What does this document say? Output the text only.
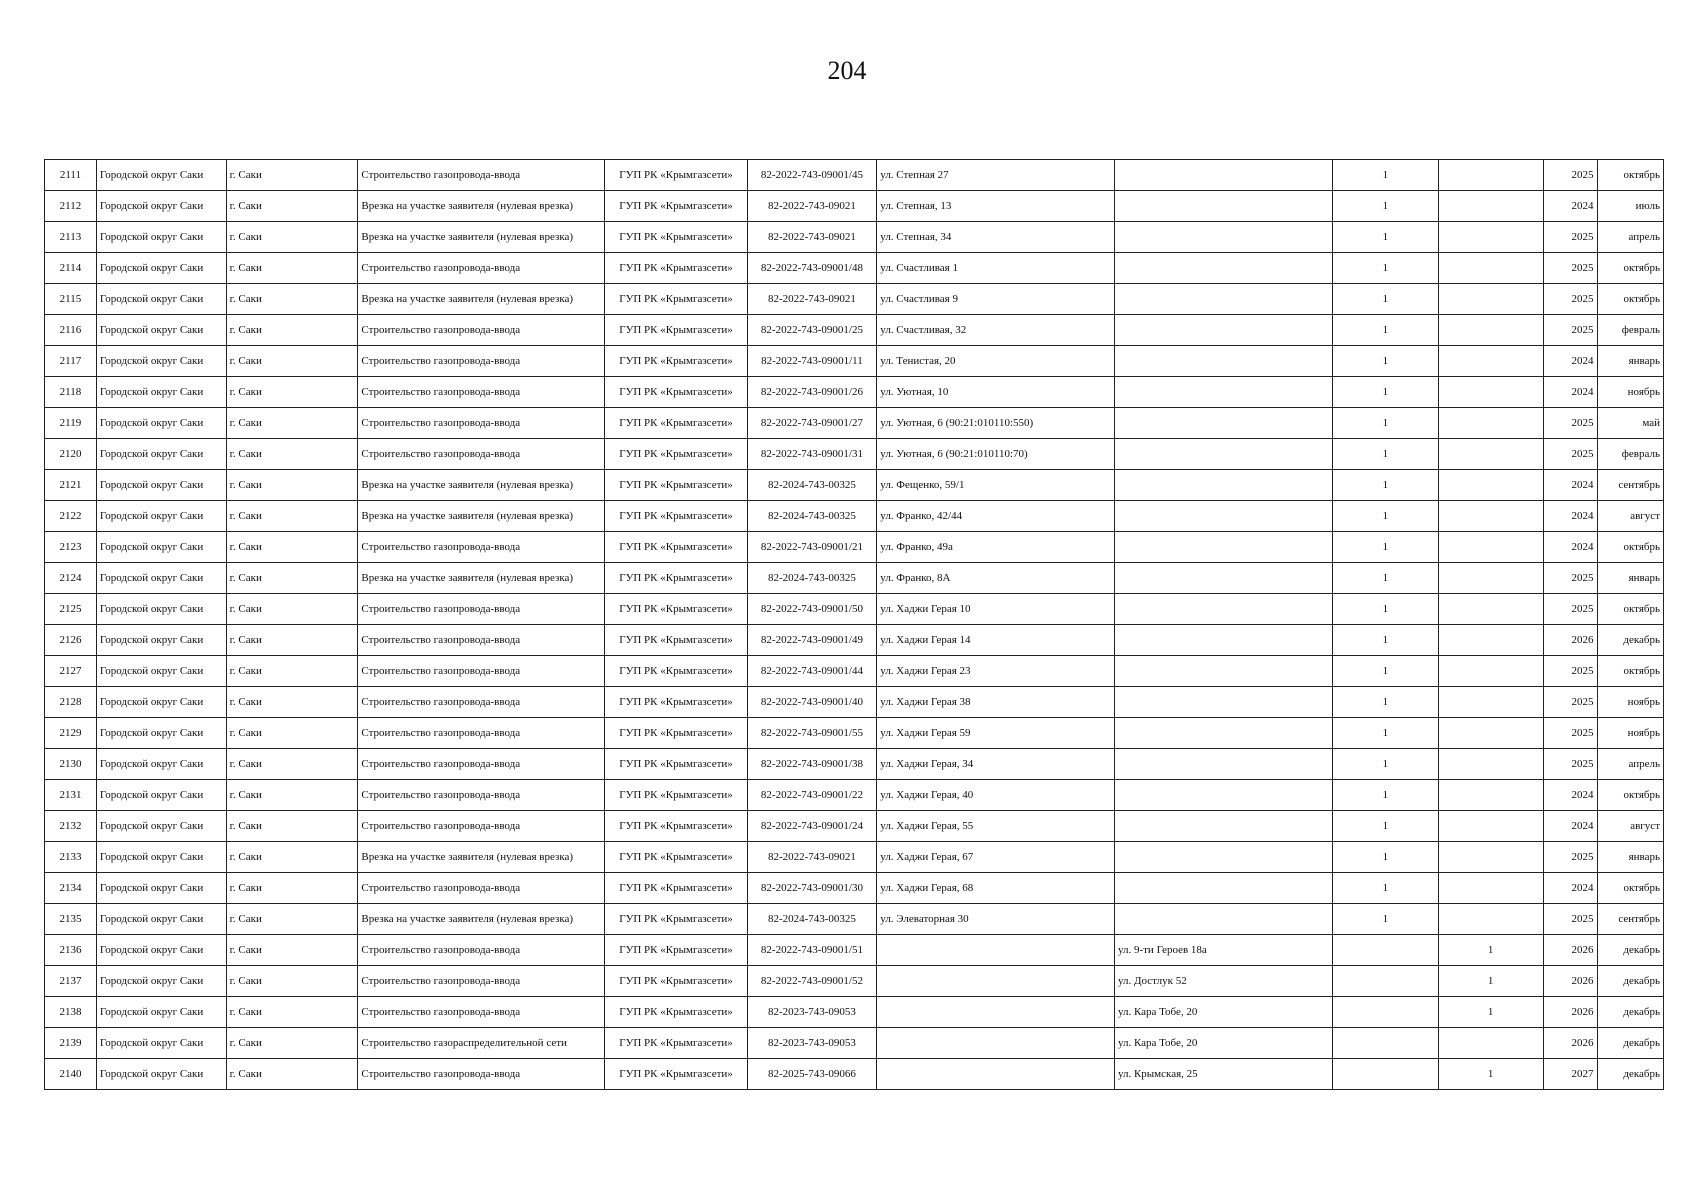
204
2111	Городской округ Саки	г. Саки	Строительство газопровода-ввода	ГУП РК «Крымгазсети»	82-2022-743-09001/45	ул. Степная 27		1		2025	октябрь
2112	Городской округ Саки	г. Саки	Врезка на участке заявителя (нулевая врезка)	ГУП РК «Крымгазсети»	82-2022-743-09021	ул. Степная, 13		1		2024	июль
2113	Городской округ Саки	г. Саки	Врезка на участке заявителя (нулевая врезка)	ГУП РК «Крымгазсети»	82-2022-743-09021	ул. Степная, 34		1		2025	апрель
2114	Городской округ Саки	г. Саки	Строительство газопровода-ввода	ГУП РК «Крымгазсети»	82-2022-743-09001/48	ул. Счастливая 1		1		2025	октябрь
2115	Городской округ Саки	г. Саки	Врезка на участке заявителя (нулевая врезка)	ГУП РК «Крымгазсети»	82-2022-743-09021	ул. Счастливая 9		1		2025	октябрь
2116	Городской округ Саки	г. Саки	Строительство газопровода-ввода	ГУП РК «Крымгазсети»	82-2022-743-09001/25	ул. Счастливая, 32		1		2025	февраль
2117	Городской округ Саки	г. Саки	Строительство газопровода-ввода	ГУП РК «Крымгазсети»	82-2022-743-09001/11	ул. Тенистая, 20		1		2024	январь
2118	Городской округ Саки	г. Саки	Строительство газопровода-ввода	ГУП РК «Крымгазсети»	82-2022-743-09001/26	ул. Уютная, 10		1		2024	ноябрь
2119	Городской округ Саки	г. Саки	Строительство газопровода-ввода	ГУП РК «Крымгазсети»	82-2022-743-09001/27	ул. Уютная, 6 (90:21:010110:550)		1		2025	май
2120	Городской округ Саки	г. Саки	Строительство газопровода-ввода	ГУП РК «Крымгазсети»	82-2022-743-09001/31	ул. Уютная, 6 (90:21:010110:70)		1		2025	февраль
2121	Городской округ Саки	г. Саки	Врезка на участке заявителя (нулевая врезка)	ГУП РК «Крымгазсети»	82-2024-743-00325	ул. Фещенко, 59/1		1		2024	сентябрь
2122	Городской округ Саки	г. Саки	Врезка на участке заявителя (нулевая врезка)	ГУП РК «Крымгазсети»	82-2024-743-00325	ул. Франко, 42/44		1		2024	август
2123	Городской округ Саки	г. Саки	Строительство газопровода-ввода	ГУП РК «Крымгазсети»	82-2022-743-09001/21	ул. Франко, 49а		1		2024	октябрь
2124	Городской округ Саки	г. Саки	Врезка на участке заявителя (нулевая врезка)	ГУП РК «Крымгазсети»	82-2024-743-00325	ул. Франко, 8А		1		2025	январь
2125	Городской округ Саки	г. Саки	Строительство газопровода-ввода	ГУП РК «Крымгазсети»	82-2022-743-09001/50	ул. Хаджи Герая 10		1		2025	октябрь
2126	Городской округ Саки	г. Саки	Строительство газопровода-ввода	ГУП РК «Крымгазсети»	82-2022-743-09001/49	ул. Хаджи Герая 14		1		2026	декабрь
2127	Городской округ Саки	г. Саки	Строительство газопровода-ввода	ГУП РК «Крымгазсети»	82-2022-743-09001/44	ул. Хаджи Герая 23		1		2025	октябрь
2128	Городской округ Саки	г. Саки	Строительство газопровода-ввода	ГУП РК «Крымгазсети»	82-2022-743-09001/40	ул. Хаджи Герая 38		1		2025	ноябрь
2129	Городской округ Саки	г. Саки	Строительство газопровода-ввода	ГУП РК «Крымгазсети»	82-2022-743-09001/55	ул. Хаджи Герая 59		1		2025	ноябрь
2130	Городской округ Саки	г. Саки	Строительство газопровода-ввода	ГУП РК «Крымгазсети»	82-2022-743-09001/38	ул. Хаджи Герая, 34		1		2025	апрель
2131	Городской округ Саки	г. Саки	Строительство газопровода-ввода	ГУП РК «Крымгазсети»	82-2022-743-09001/22	ул. Хаджи Герая, 40		1		2024	октябрь
2132	Городской округ Саки	г. Саки	Строительство газопровода-ввода	ГУП РК «Крымгазсети»	82-2022-743-09001/24	ул. Хаджи Герая, 55		1		2024	август
2133	Городской округ Саки	г. Саки	Врезка на участке заявителя (нулевая врезка)	ГУП РК «Крымгазсети»	82-2022-743-09021	ул. Хаджи Герая, 67		1		2025	январь
2134	Городской округ Саки	г. Саки	Строительство газопровода-ввода	ГУП РК «Крымгазсети»	82-2022-743-09001/30	ул. Хаджи Герая, 68		1		2024	октябрь
2135	Городской округ Саки	г. Саки	Врезка на участке заявителя (нулевая врезка)	ГУП РК «Крымгазсети»	82-2024-743-00325	ул. Элеваторная 30		1		2025	сентябрь
2136	Городской округ Саки	г. Саки	Строительство газопровода-ввода	ГУП РК «Крымгазсети»	82-2022-743-09001/51		ул. 9-ти Героев 18а		1	2026	декабрь
2137	Городской округ Саки	г. Саки	Строительство газопровода-ввода	ГУП РК «Крымгазсети»	82-2022-743-09001/52		ул. Достлук 52		1	2026	декабрь
2138	Городской округ Саки	г. Саки	Строительство газопровода-ввода	ГУП РК «Крымгазсети»	82-2023-743-09053		ул. Кара Тобе, 20		1	2026	декабрь
2139	Городской округ Саки	г. Саки	Строительство газораспределительной сети	ГУП РК «Крымгазсети»	82-2023-743-09053		ул. Кара Тобе, 20			2026	декабрь
2140	Городской округ Саки	г. Саки	Строительство газопровода-ввода	ГУП РК «Крымгазсети»	82-2025-743-09066		ул. Крымская, 25		1	2027	декабрь
